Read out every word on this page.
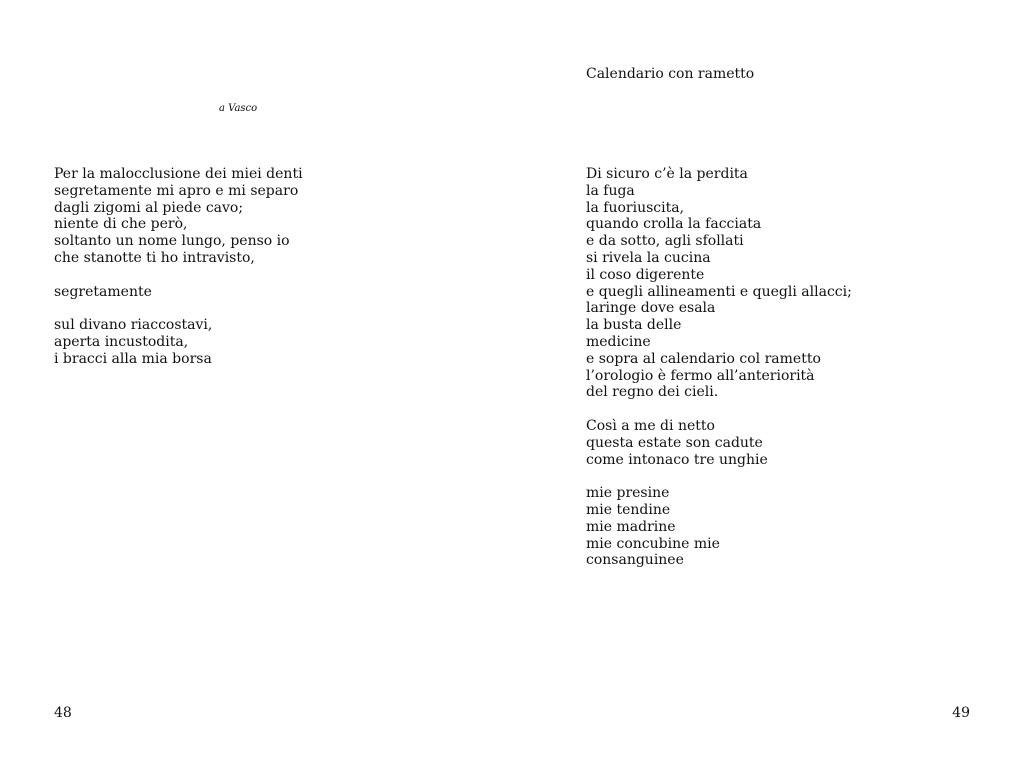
a Vasco
Per la malocclusione dei miei denti
segretamente mi apro e mi separo
dagli zigomi al piede cavo;
niente di che però,
soltanto un nome lungo, penso io
che stanotte ti ho intravisto,
segretamente
sul divano riaccostavi,
aperta incustodita,
i bracci alla mia borsa
48
Calendario con rametto
Di sicuro c’è la perdita
la fuga
la fuoriuscita,
quando crolla la facciata
e da sotto, agli sfollati
si rivela la cucina
il coso digerente
e quegli allineamenti e quegli allacci;
laringe dove esala
la busta delle
medicine
e sopra al calendario col rametto
l’orologio è fermo all’anteriorità
del regno dei cieli.
Così a me di netto
questa estate son cadute
come intonaco tre unghie
mie presine
mie tendine
mie madrine
mie concubine mie
consanguinee
49
